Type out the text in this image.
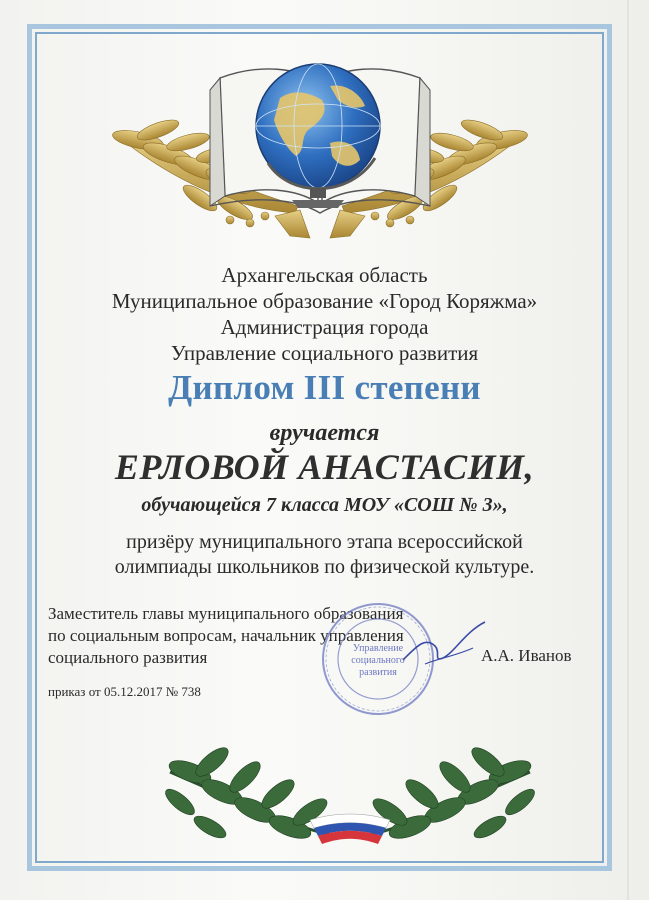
Архангельская область
Муниципальное образование «Город Коряжма»
Администрация города
Управление социального развития
Диплом III степени
вручается
ЕРЛОВОЙ АНАСТАСИИ,
обучающейся 7 класса МОУ «СОШ № 3»,
призёру муниципального этапа всероссийской
олимпиады школьников по физической культуре.
Заместитель главы муниципального образования
по социальным вопросам, начальник управления
социального развития	Управление
социального
развития
А.А. Иванов
приказ от 05.12.2017 № 738
